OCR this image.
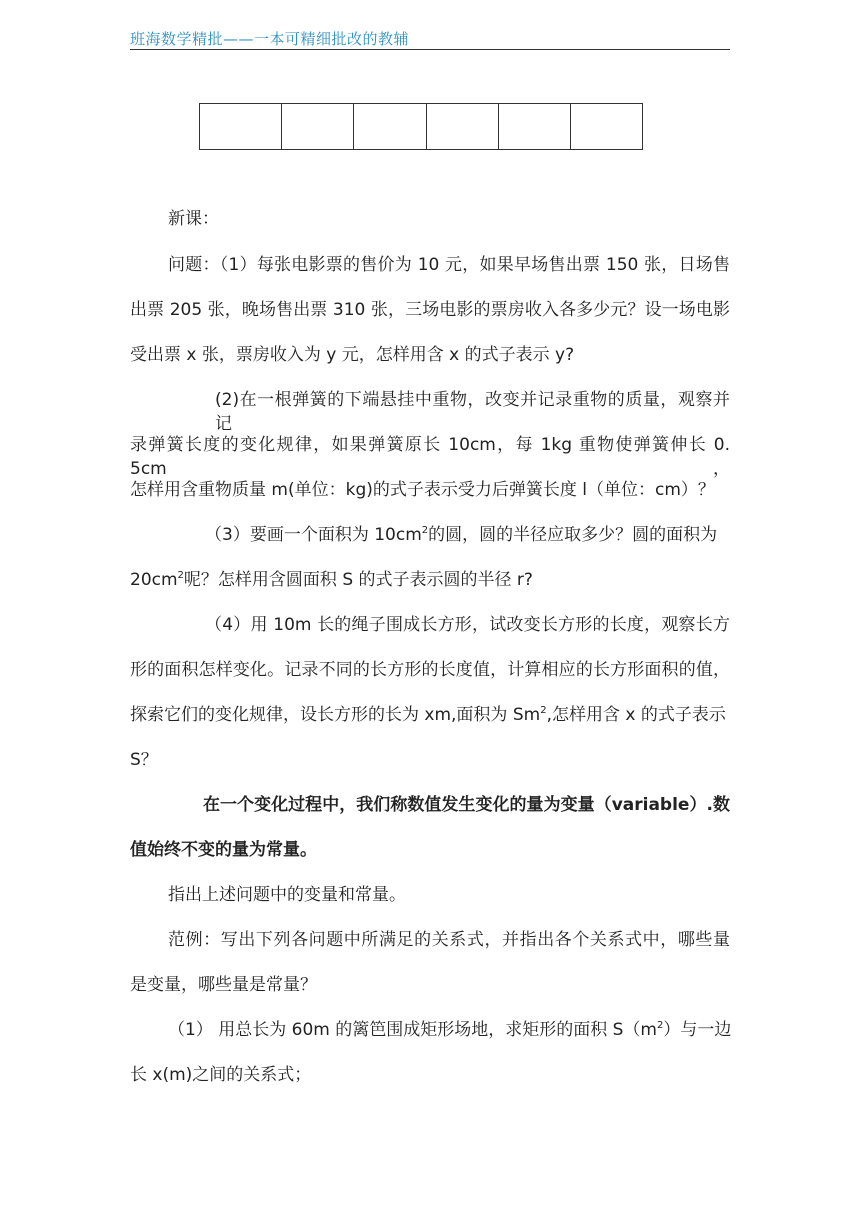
班海数学精批——一本可精细批改的教辅

新课：
问题：（1）每张电影票的售价为 10 元，如果早场售出票 150 张，日场售
出票 205 张，晚场售出票 310 张，三场电影的票房收入各多少元？设一场电影
受出票 x 张，票房收入为 y 元，怎样用含 x 的式子表示 y?
(2)在一根弹簧的下端悬挂中重物，改变并记录重物的质量，观察并记
录弹簧长度的变化规律，如果弹簧原长 10cm，每 1kg 重物使弹簧伸长 0. 5cm，
怎样用含重物质量 m(单位：kg)的式子表示受力后弹簧长度 l（单位：cm）？
（3）要画一个面积为 $10cm^2$的圆，圆的半径应取多少？圆的面积为
$20cm^2$呢？怎样用含圆面积 S 的式子表示圆的半径 r?
（4）用 10m 长的绳子围成长方形，试改变长方形的长度，观察长方
形的面积怎样变化。记录不同的长方形的长度值，计算相应的长方形面积的值，
探索它们的变化规律，设长方形的长为 xm,面积为 Sm$^2$,怎样用含 x 的式子表示
S？
在一个变化过程中，我们称数值发生变化的量为变量（variable）.数
值始终不变的量为常量。
指出上述问题中的变量和常量。
范例：写出下列各问题中所满足的关系式，并指出各个关系式中，哪些量
是变量，哪些量是常量？
（1） 用总长为 60m 的篱笆围成矩形场地，求矩形的面积 $S(m^2)$与一边
长 x(m)之间的关系式；
